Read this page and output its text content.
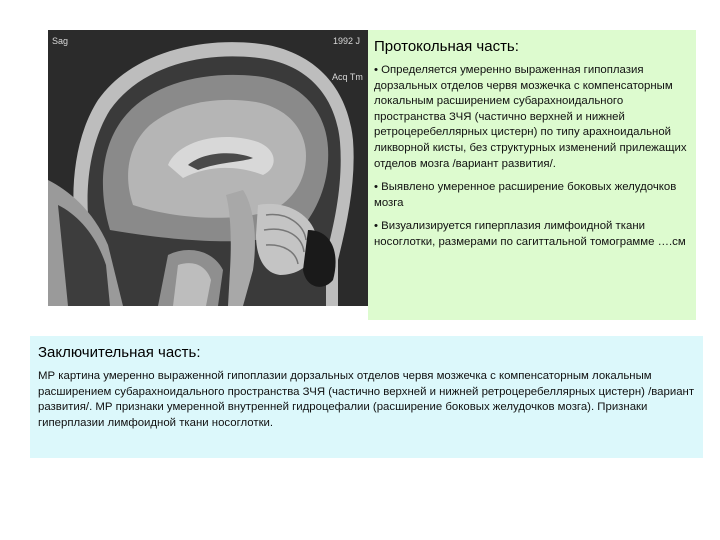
Sag	1992 J
Acq Tm
Протокольная часть:
• Определяется умеренно выраженная гипоплазия дорзальных отделов червя мозжечка с компенсаторным локальным расширением субарахноидального пространства ЗЧЯ (частично верхней и нижней ретроцеребеллярных цистерн) по типу арахноидальной ликворной кисты, без структурных изменений прилежащих отделов мозга /вариант развития/.
• Выявлено умеренное расширение боковых желудочков мозга
• Визуализируется гиперплазия лимфоидной ткани носоглотки, размерами по сагиттальной томограмме ….см
Заключительная часть:
МР картина умеренно выраженной гипоплазии дорзальных отделов червя мозжечка с компенсаторным локальным расширением субарахноидального пространства ЗЧЯ (частично верхней и нижней ретроцеребеллярных цистерн) /вариант развития/. МР признаки умеренной внутренней гидроцефалии (расширение боковых желудочков мозга). Признаки гиперплазии лимфоидной ткани носоглотки.
